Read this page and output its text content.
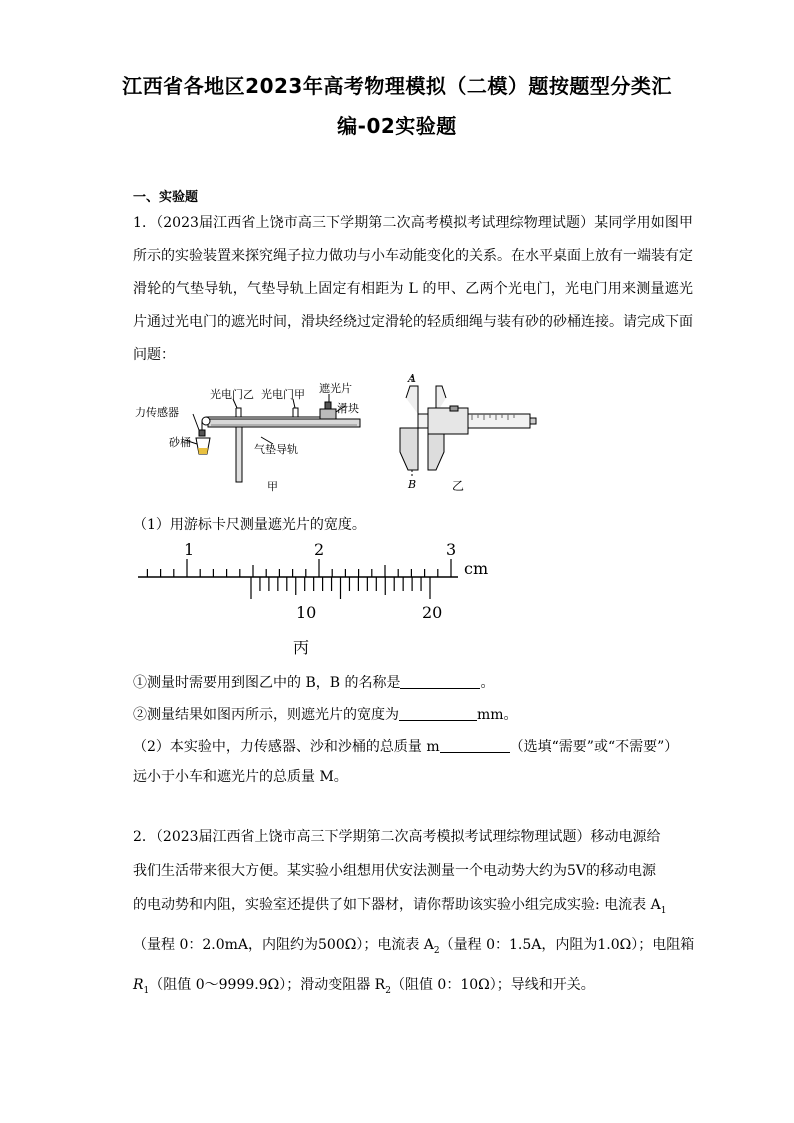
江西省各地区2023年高考物理模拟（二模）题按题型分类汇
编-02实验题
一、实验题
1．（2023届江西省上饶市高三下学期第二次高考模拟考试理综物理试题）某同学用如图甲所示的实验装置来探究绳子拉力做功与小车动能变化的关系。在水平桌面上放有一端装有定滑轮的气垫导轨，气垫导轨上固定有相距为 L 的甲、乙两个光电门，光电门用来测量遮光片通过光电门的遮光时间，滑块经绕过定滑轮的轻质细绳与装有砂的砂桶连接。请完成下面问题：
光电门乙 光电门甲 遮光片
滑块
力传感器
砂桶
气垫导轨
甲
A
B	乙
（1）用游标卡尺测量遮光片的宽度。
1	2	3
cm
10	20
丙
①测量时需要用到图乙中的 B，B 的名称是	。
②测量结果如图丙所示，则遮光片的宽度为	mm。
（2）本实验中，力传感器、沙和沙桶的总质量 m	（选填“需要”或“不需要”）
远小于小车和遮光片的总质量 M。
2．（2023届江西省上饶市高三下学期第二次高考模拟考试理综物理试题）移动电源给
我们生活带来很大方便。某实验小组想用伏安法测量一个电动势大约为5V的移动电源
的电动势和内阻，实验室还提供了如下器材，请你帮助该实验小组完成实验: 电流表 $A_1$
（量程 0：2.0mA，内阻约为500Ω）；电流表 $A_2$（量程 0：1.5A，内阻为1.0Ω）；电阻箱
$R_1$（阻值 0～9999.9Ω）；滑动变阻器 $R_2$（阻值 0：10Ω）；导线和开关。
